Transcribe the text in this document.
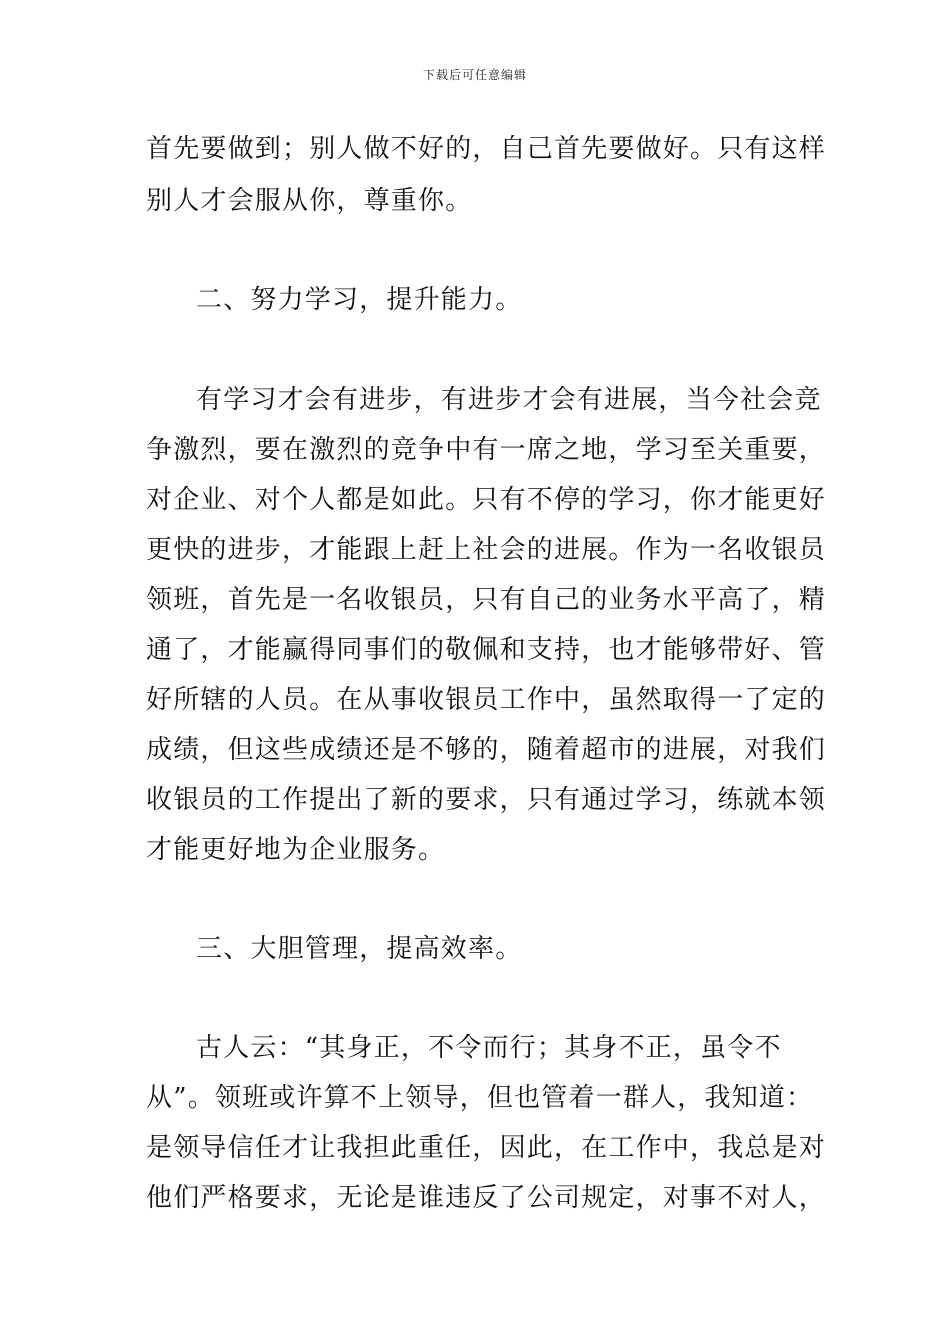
下载后可任意编辑
首先要做到；别人做不好的，自己首先要做好。只有这样
别人才会服从你，尊重你。
二、努力学习，提升能力。
有学习才会有进步，有进步才会有进展，当今社会竞
争激烈，要在激烈的竞争中有一席之地，学习至关重要，
对企业、对个人都是如此。只有不停的学习，你才能更好
更快的进步，才能跟上赶上社会的进展。作为一名收银员
领班，首先是一名收银员，只有自己的业务水平高了，精
通了，才能赢得同事们的敬佩和支持，也才能够带好、管
好所辖的人员。在从事收银员工作中，虽然取得一了定的
成绩，但这些成绩还是不够的，随着超市的进展，对我们
收银员的工作提出了新的要求，只有通过学习，练就本领
才能更好地为企业服务。
三、大胆管理，提高效率。
古人云：“其身正，不令而行；其身不正，虽令不
从”。领班或许算不上领导，但也管着一群人，我知道：
是领导信任才让我担此重任，因此，在工作中，我总是对
他们严格要求，无论是谁违反了公司规定，对事不对人，
